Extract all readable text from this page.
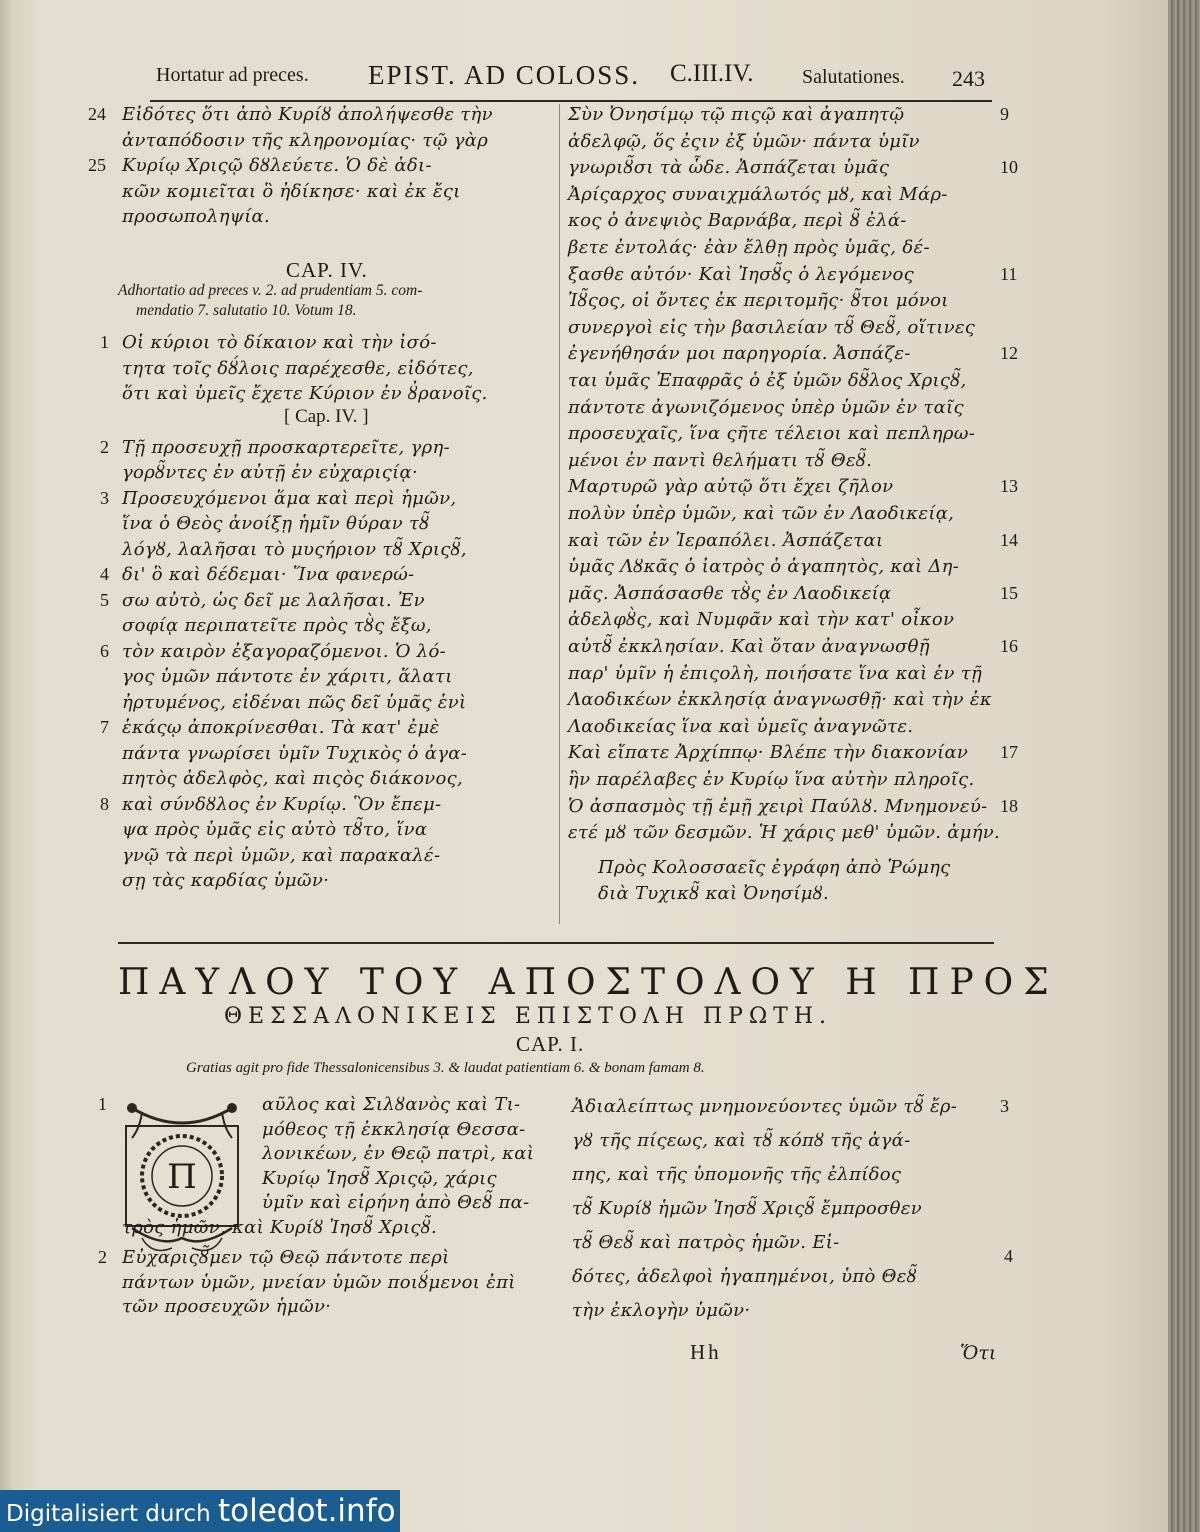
Hortatur ad preces. EPIST. AD COLOSS. C.III.IV. Salutationes. 243
Εἰδότες ὅτι ἀπὸ Κυρίȣ ἀπολήψεσθε τὴν
24
ἀνταπόδοσιν τῆς κληρονομίας· τῷ γὰρ
Κυρίῳ Χριςῷ δȣλεύετε. Ὁ δὲ ἀδι-
25
κῶν κομιεῖται ὃ ἠδίκησε· καὶ ἐκ ἔςι
προσωποληψία.
CAP. IV.
Adhortatio ad preces v. 2. ad prudentiam 5. com-
mendatio 7. salutatio 10. Votum 18.
Οἱ κύριοι τὸ δίκαιον καὶ τὴν ἰσό-
1
τητα τοῖς δȣ́λοις παρέχεσθε, εἰδότες,
ὅτι καὶ ὑμεῖς ἔχετε Κύριον ἐν ȣ̓ρανοῖς.
Τῇ προσευχῇ προσκαρτερεῖτε, γρη-
2
γορȣ̃ντες ἐν αὐτῇ ἐν εὐχαριςίᾳ·
Προσευχόμενοι ἅμα καὶ περὶ ἡμῶν,
3
ἵνα ὁ Θεὸς ἀνοίξῃ ἡμῖν θύραν τȣ̃
λόγȣ, λαλῆσαι τὸ μυςήριον τȣ̃ Χριςȣ̃,
δι' ὃ καὶ δέδεμαι· Ἵνα φανερώ-
4
σω αὐτὸ, ὡς δεῖ με λαλῆσαι. Ἐν
5
σοφίᾳ περιπατεῖτε πρὸς τȣ̀ς ἔξω,
τὸν καιρὸν ἐξαγοραζόμενοι. Ὁ λό-
6
γος ὑμῶν πάντοτε ἐν χάριτι, ἅλατι
ἠρτυμένος, εἰδέναι πῶς δεῖ ὑμᾶς ἑνὶ
ἑκάςῳ ἀποκρίνεσθαι. Τὰ κατ' ἐμὲ
7
πάντα γνωρίσει ὑμῖν Τυχικὸς ὁ ἀγα-
πητὸς ἀδελφὸς, καὶ πιςὸς διάκονος,
καὶ σύνδȣλος ἐν Κυρίῳ. Ὃν ἔπεμ-
8
ψα πρὸς ὑμᾶς εἰς αὐτὸ τȣ̃το, ἵνα
γνῷ τὰ περὶ ὑμῶν, καὶ παρακαλέ-
σῃ τὰς καρδίας ὑμῶν·
[ Cap. IV. ]
Σὺν Ὀνησίμῳ τῷ πιςῷ καὶ ἀγαπητῷ	9
ἀδελφῷ, ὅς ἐςιν ἐξ ὑμῶν· πάντα ὑμῖν
γνωριȣ̃σι τὰ ὧδε. Ἀσπάζεται ὑμᾶς	10
Ἀρίςαρχος συναιχμάλωτός μȣ, καὶ Μάρ-
κος ὁ ἀνεψιὸς Βαρνάβα, περὶ ȣ̃ ἐλά-
βετε ἐντολάς· ἐὰν ἔλθῃ πρὸς ὑμᾶς, δέ-
ξασθε αὐτόν· Καὶ Ἰησȣ̃ς ὁ λεγόμενος	11
Ἰȣ̃ςος, οἱ ὄντες ἐκ περιτομῆς· ȣ̃τοι μόνοι
συνεργοὶ εἰς τὴν βασιλείαν τȣ̃ Θεȣ̃, οἵτινες
ἐγενήθησάν μοι παρηγορία. Ἀσπάζε-	12
ται ὑμᾶς Ἐπαφρᾶς ὁ ἐξ ὑμῶν δȣ̃λος Χριςȣ̃,
πάντοτε ἀγωνιζόμενος ὑπὲρ ὑμῶν ἐν ταῖς
προσευχαῖς, ἵνα ςῆτε τέλειοι καὶ πεπληρω-
μένοι ἐν παντὶ θελήματι τȣ̃ Θεȣ̃.
Μαρτυρῶ γὰρ αὐτῷ ὅτι ἔχει ζῆλον	13
πολὺν ὑπὲρ ὑμῶν, καὶ τῶν ἐν Λαοδικείᾳ,
καὶ τῶν ἐν Ἱεραπόλει. Ἀσπάζεται	14
ὑμᾶς Λȣκᾶς ὁ ἰατρὸς ὁ ἀγαπητὸς, καὶ Δη-
μᾶς. Ἀσπάσασθε τȣ̀ς ἐν Λαοδικείᾳ	15
ἀδελφȣ̀ς, καὶ Νυμφᾶν καὶ τὴν κατ' οἶκον
αὐτȣ̃ ἐκκλησίαν. Καὶ ὅταν ἀναγνωσθῇ	16
παρ' ὑμῖν ἡ ἐπιςολὴ, ποιήσατε ἵνα καὶ ἐν τῇ
Λαοδικέων ἐκκλησίᾳ ἀναγνωσθῇ· καὶ τὴν ἐκ
Λαοδικείας ἵνα καὶ ὑμεῖς ἀναγνῶτε.
Καὶ εἴπατε Ἀρχίππῳ· Βλέπε τὴν διακονίαν 17
ἣν παρέλαβες ἐν Κυρίῳ ἵνα αὐτὴν πληροῖς.
Ὁ ἀσπασμὸς τῇ ἐμῇ χειρὶ Παύλȣ. Μνημονεύ- 18
ετέ μȣ τῶν δεσμῶν. Ἡ χάρις μεθ' ὑμῶν. ἀμήν.
Πρὸς Κολοσσαεῖς ἐγράφη ἀπὸ Ῥώμης
διὰ Τυχικȣ̃ καὶ Ὀνησίμȣ.
ΠΑΥΛΟΥ ΤΟΥ ΑΠΟΣΤΟΛΟΥ Η ΠΡΟΣ
ΘΕΣΣΑΛΟΝΙΚΕΙΣ ΕΠΙΣΤΟΛΗ ΠΡΩΤΗ.
CAP. I.
Gratias agit pro fide Thessalonicensibus 3. & laudat patientiam 6. & bonam famam 8.
Π
Hh	Ὅτι
Digitalisiert durch toledot.info
αῦλος καὶ Σιλȣανὸς καὶ Τι-
1
μόθεος τῇ ἐκκλησίᾳ Θεσσα-
λονικέων, ἐν Θεῷ πατρὶ, καὶ
Κυρίῳ Ἰησȣ̃ Χριςῷ, χάρις
ὑμῖν καὶ εἰρήνη ἀπὸ Θεȣ̃ πα-
τρὸς ἡμῶν, καὶ Κυρίȣ Ἰησȣ̃ Χριςȣ̃.
Εὐχαριςȣ̃μεν τῷ Θεῷ πάντοτε περὶ
2
πάντων ὑμῶν, μνείαν ὑμῶν ποιȣ́μενοι ἐπὶ
τῶν προσευχῶν ἡμῶν·
Ἀδιαλείπτως μνημονεύοντες ὑμῶν τȣ̃ ἔρ- 3
γȣ τῆς πίςεως, καὶ τȣ̃ κόπȣ τῆς ἀγά-
πης, καὶ τῆς ὑπομονῆς τῆς ἐλπίδος
τȣ̃ Κυρίȣ ἡμῶν Ἰησȣ̃ Χριςȣ̃ ἔμπροσθεν
τȣ̃ Θεȣ̃ καὶ πατρὸς ἡμῶν. Εἰ-
4
δότες, ἀδελφοὶ ἠγαπημένοι, ὑπὸ Θεȣ̃
τὴν ἐκλογὴν ὑμῶν·
